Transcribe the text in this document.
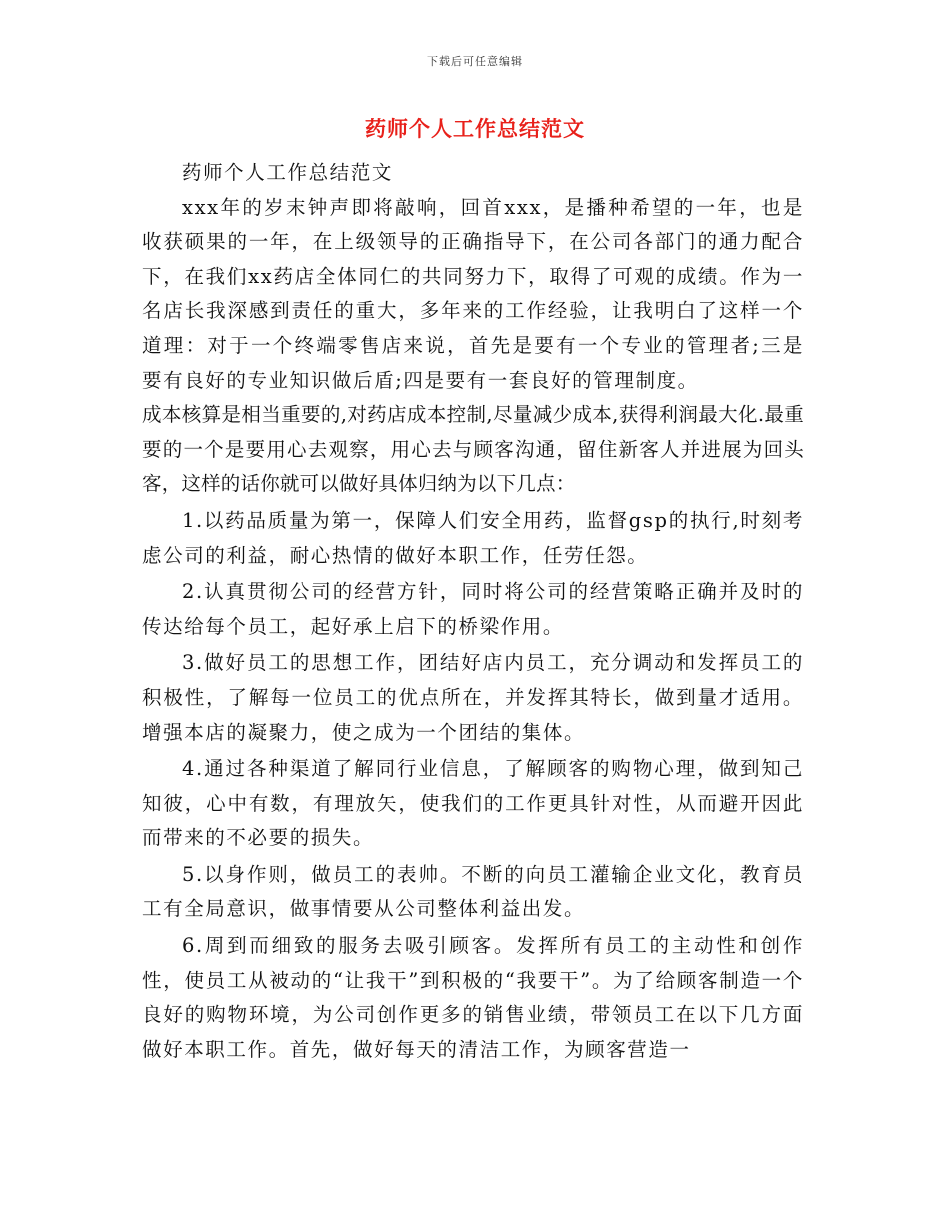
下载后可任意编辑
药师个人工作总结范文

药师个人工作总结范文

xxx年的岁末钟声即将敲响，回首xxx，是播种希望的一年，也是收获硕果的一年，在上级领导的正确指导下，在公司各部门的通力配合下，在我们xx药店全体同仁的共同努力下，取得了可观的成绩。作为一名店长我深感到责任的重大，多年来的工作经验，让我明白了这样一个道理：对于一个终端零售店来说，首先是要有一个专业的管理者;三是要有良好的专业知识做后盾;四是要有一套良好的管理制度。

成本核算是相当重要的,对药店成本控制,尽量减少成本,获得利润最大化.最重要的一个是要用心去观察，用心去与顾客沟通，留住新客人并进展为回头客，这样的话你就可以做好具体归纳为以下几点：

1.以药品质量为第一，保障人们安全用药，监督gsp的执行,时刻考虑公司的利益，耐心热情的做好本职工作，任劳任怨。

2.认真贯彻公司的经营方针，同时将公司的经营策略正确并及时的 传达给每个员工，起好承上启下的桥梁作用。

3.做好员工的思想工作，团结好店内员工，充分调动和发挥员工的积极性，了解每一位员工的优点所在，并发挥其特长，做到量才适用。增强本店的凝聚力，使之成为一个团结的集体。

4.通过各种渠道了解同行业信息，了解顾客的购物心理，做到知己知彼，心中有数，有理放矢，使我们的工作更具针对性，从而避开因此而带来的不必要的损失。

5.以身作则，做员工的表帅。不断的向员工灌输企业文化，教育员工有全局意识，做事情要从公司整体利益出发。

6.周到而细致的服务去吸引顾客。发挥所有员工的主动性和创作性，使员工从被动的“让我干”到积极的“我要干”。为了给顾客制造一个良好的购物环境，为公司创作更多的销售业绩，带领员工在以下几方面做好本职工作。首先，做好每天的清洁工作，为顾客营造一
